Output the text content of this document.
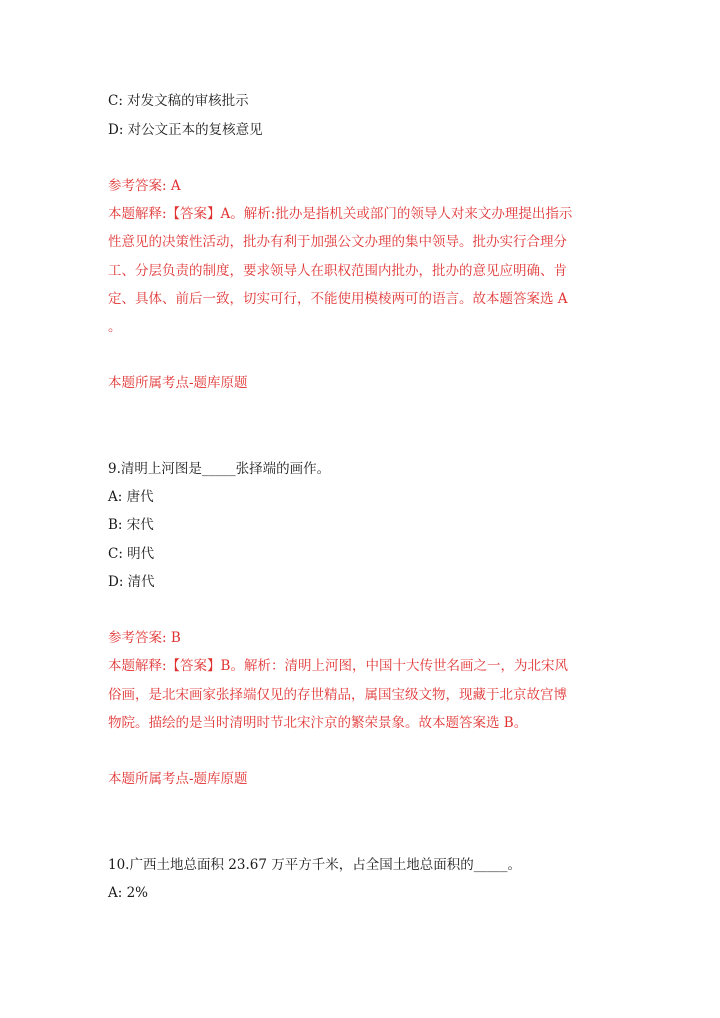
C: 对发文稿的审核批示
D: 对公文正本的复核意见
参考答案: A
本题解释:【答案】A。解析:批办是指机关或部门的领导人对来文办理提出指示
性意见的决策性活动，批办有利于加强公文办理的集中领导。批办实行合理分
工、分层负责的制度，要求领导人在职权范围内批办，批办的意见应明确、肯
定、具体、前后一致，切实可行，不能使用模棱两可的语言。故本题答案选 A
。
本题所属考点-题库原题
9.清明上河图是_____张择端的画作。
A: 唐代
B: 宋代
C: 明代
D: 清代
参考答案: B
本题解释:【答案】B。解析：清明上河图，中国十大传世名画之一，为北宋风
俗画，是北宋画家张择端仅见的存世精品，属国宝级文物，现藏于北京故宫博
物院。描绘的是当时清明时节北宋汴京的繁荣景象。故本题答案选 B。
本题所属考点-题库原题
10.广西土地总面积 23.67 万平方千米，占全国土地总面积的_____。
A: 2%
